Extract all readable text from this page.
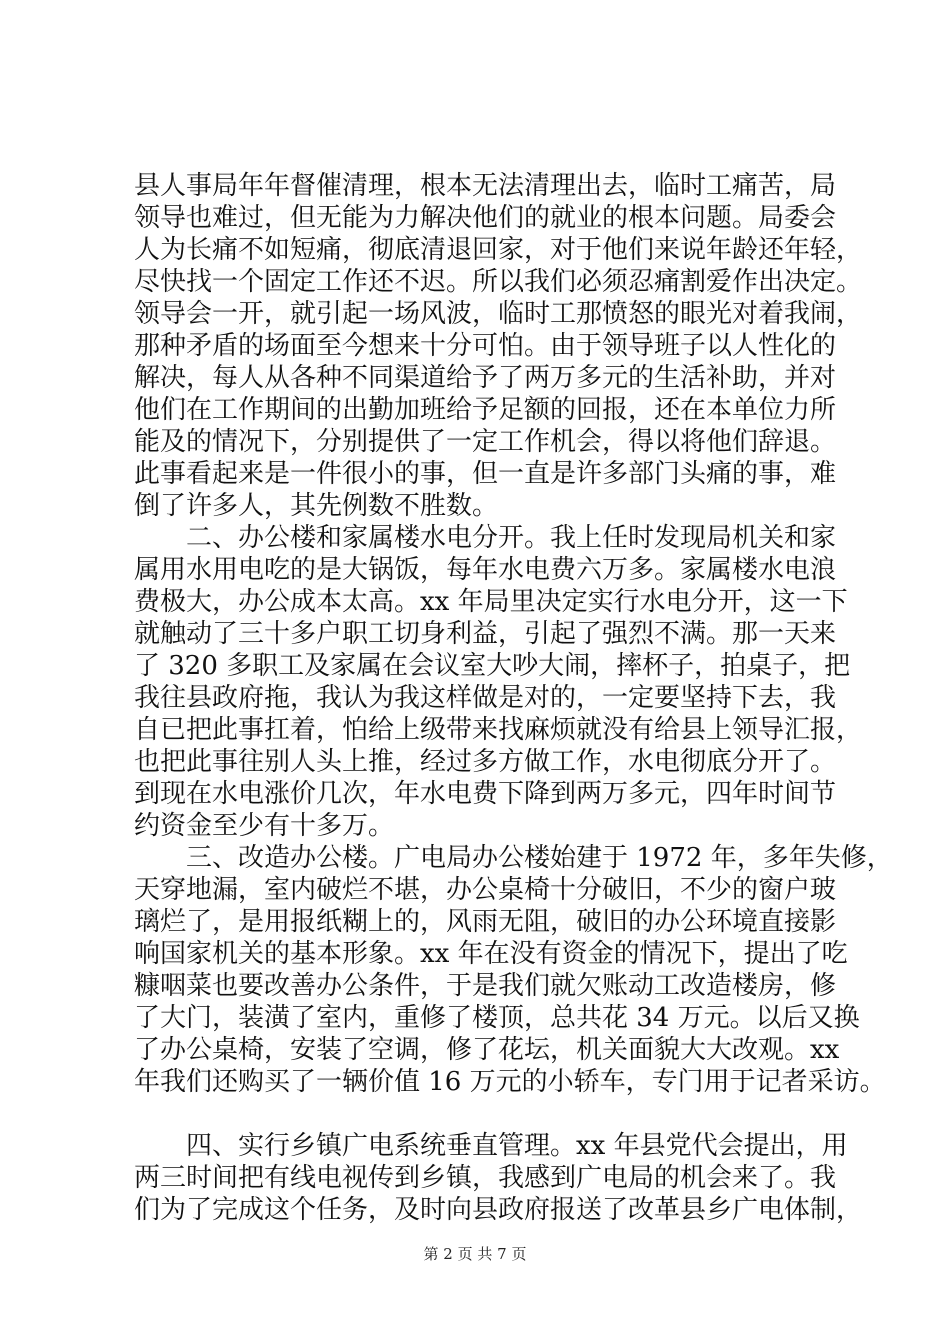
县人事局年年督催清理，根本无法清理出去，临时工痛苦，局
领导也难过，但无能为力解决他们的就业的根本问题。局委会
人为长痛不如短痛，彻底清退回家，对于他们来说年龄还年轻，
尽快找一个固定工作还不迟。所以我们必须忍痛割爱作出决定。
领导会一开，就引起一场风波，临时工那愤怒的眼光对着我闹，
那种矛盾的场面至今想来十分可怕。由于领导班子以人性化的
解决，每人从各种不同渠道给予了两万多元的生活补助，并对
他们在工作期间的出勤加班给予足额的回报，还在本单位力所
能及的情况下，分别提供了一定工作机会，得以将他们辞退。
此事看起来是一件很小的事，但一直是许多部门头痛的事，难
倒了许多人，其先例数不胜数。
　　二、办公楼和家属楼水电分开。我上任时发现局机关和家
属用水用电吃的是大锅饭，每年水电费六万多。家属楼水电浪
费极大，办公成本太高。xx 年局里决定实行水电分开，这一下
就触动了三十多户职工切身利益，引起了强烈不满。那一天来
了 320 多职工及家属在会议室大吵大闹，摔杯子，拍桌子，把
我往县政府拖，我认为我这样做是对的，一定要坚持下去，我
自已把此事扛着，怕给上级带来找麻烦就没有给县上领导汇报，
也把此事往别人头上推，经过多方做工作，水电彻底分开了。
到现在水电涨价几次，年水电费下降到两万多元，四年时间节
约资金至少有十多万。
　　三、改造办公楼。广电局办公楼始建于 1972 年，多年失修，
天穿地漏，室内破烂不堪，办公桌椅十分破旧，不少的窗户玻
璃烂了，是用报纸糊上的，风雨无阻，破旧的办公环境直接影
响国家机关的基本形象。xx 年在没有资金的情况下，提出了吃
糠咽菜也要改善办公条件，于是我们就欠账动工改造楼房，修
了大门，装潢了室内，重修了楼顶，总共花 34 万元。以后又换
了办公桌椅，安装了空调，修了花坛，机关面貌大大改观。xx
年我们还购买了一辆价值 16 万元的小轿车，专门用于记者采访。
　　四、实行乡镇广电系统垂直管理。xx 年县党代会提出，用
两三时间把有线电视传到乡镇，我感到广电局的机会来了。我
们为了完成这个任务，及时向县政府报送了改革县乡广电体制，
第 2 页 共 7 页
